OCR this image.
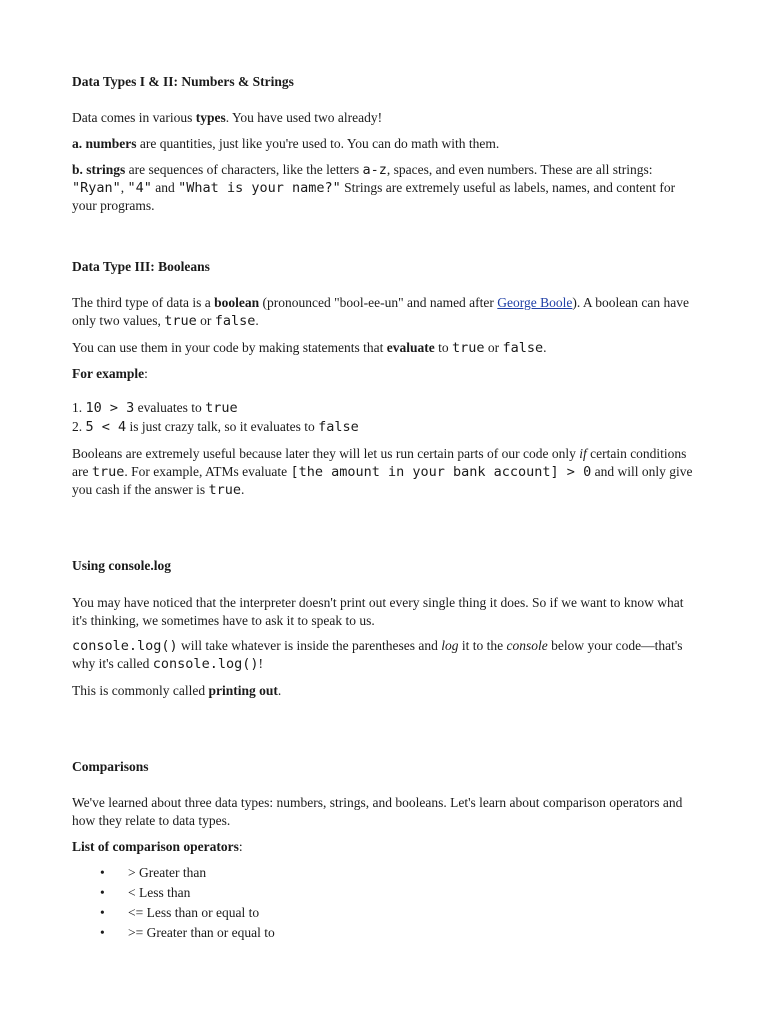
Data Types I & II: Numbers & Strings

Data comes in various types. You have used two already!

a. numbers are quantities, just like you're used to. You can do math with them.

b. strings are sequences of characters, like the letters a-z, spaces, and even numbers. These are all strings: "Ryan", "4" and "What is your name?" Strings are extremely useful as labels, names, and content for your programs.

Data Type III: Booleans

The third type of data is a boolean (pronounced "bool-ee-un" and named after George Boole). A boolean can have only two values, true or false.

You can use them in your code by making statements that evaluate to true or false.

For example:

1. 10 > 3 evaluates to true

2. 5 < 4 is just crazy talk, so it evaluates to false

Booleans are extremely useful because later they will let us run certain parts of our code only if certain conditions are true. For example, ATMs evaluate [the amount in your bank account] > 0 and will only give you cash if the answer is true.

Using console.log

You may have noticed that the interpreter doesn't print out every single thing it does. So if we want to know what it's thinking, we sometimes have to ask it to speak to us.

console.log() will take whatever is inside the parentheses and log it to the console below your code—that's why it's called console.log()!

This is commonly called printing out.

Comparisons

We've learned about three data types: numbers, strings, and booleans. Let's learn about comparison operators and how they relate to data types.

List of comparison operators:

• > Greater than
• < Less than
• <= Less than or equal to
• >= Greater than or equal to
